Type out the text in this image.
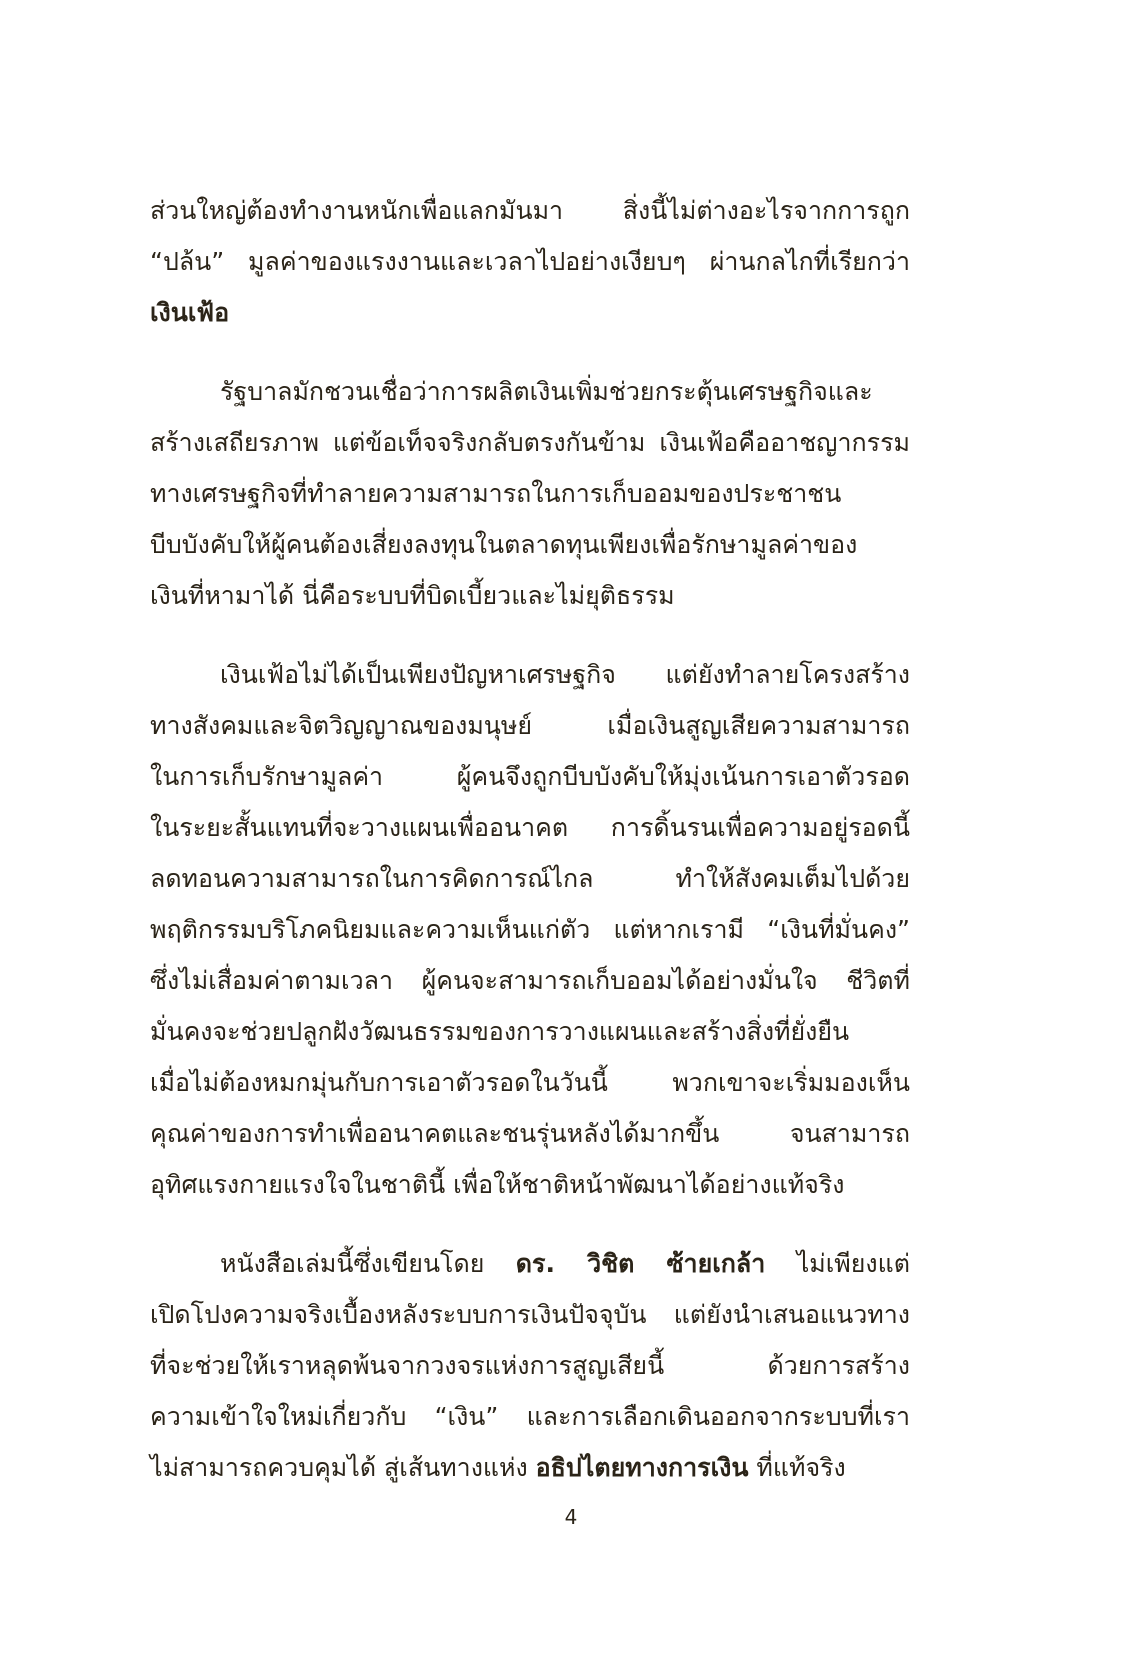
ส่วนใหญ่ต้องทำงานหนักเพื่อแลกมันมา สิ่งนี้ไม่ต่างอะไรจากการถูก
“ปล้น” มูลค่าของแรงงานและเวลาไปอย่างเงียบๆ ผ่านกลไกที่เรียกว่า
เงินเฟ้อ
รัฐบาลมักชวนเชื่อว่าการผลิตเงินเพิ่มช่วยกระตุ้นเศรษฐกิจและ
สร้างเสถียรภาพ แต่ข้อเท็จจริงกลับตรงกันข้าม เงินเฟ้อคืออาชญากรรม
ทางเศรษฐกิจที่ทำลายความสามารถในการเก็บออมของประชาชน
บีบบังคับให้ผู้คนต้องเสี่ยงลงทุนในตลาดทุนเพียงเพื่อรักษามูลค่าของ
เงินที่หามาได้ นี่คือระบบที่บิดเบี้ยวและไม่ยุติธรรม
เงินเฟ้อไม่ได้เป็นเพียงปัญหาเศรษฐกิจ แต่ยังทำลายโครงสร้าง
ทางสังคมและจิตวิญญาณของมนุษย์ เมื่อเงินสูญเสียความสามารถ
ในการเก็บรักษามูลค่า ผู้คนจึงถูกบีบบังคับให้มุ่งเน้นการเอาตัวรอด
ในระยะสั้นแทนที่จะวางแผนเพื่ออนาคต การดิ้นรนเพื่อความอยู่รอดนี้
ลดทอนความสามารถในการคิดการณ์ไกล ทำให้สังคมเต็มไปด้วย
พฤติกรรมบริโภคนิยมและความเห็นแก่ตัว แต่หากเรามี “เงินที่มั่นคง”
ซึ่งไม่เสื่อมค่าตามเวลา ผู้คนจะสามารถเก็บออมได้อย่างมั่นใจ ชีวิตที่
มั่นคงจะช่วยปลูกฝังวัฒนธรรมของการวางแผนและสร้างสิ่งที่ยั่งยืน
เมื่อไม่ต้องหมกมุ่นกับการเอาตัวรอดในวันนี้ พวกเขาจะเริ่มมองเห็น
คุณค่าของการทำเพื่ออนาคตและชนรุ่นหลังได้มากขึ้น จนสามารถ
อุทิศแรงกายแรงใจในชาตินี้ เพื่อให้ชาติหน้าพัฒนาได้อย่างแท้จริง
หนังสือเล่มนี้ซึ่งเขียนโดย ดร. วิชิต ซ้ายเกล้า ไม่เพียงแต่
เปิดโปงความจริงเบื้องหลังระบบการเงินปัจจุบัน แต่ยังนำเสนอแนวทาง
ที่จะช่วยให้เราหลุดพ้นจากวงจรแห่งการสูญเสียนี้ ด้วยการสร้าง
ความเข้าใจใหม่เกี่ยวกับ “เงิน” และการเลือกเดินออกจากระบบที่เรา
ไม่สามารถควบคุมได้ สู่เส้นทางแห่ง อธิปไตยทางการเงิน ที่แท้จริง
4
